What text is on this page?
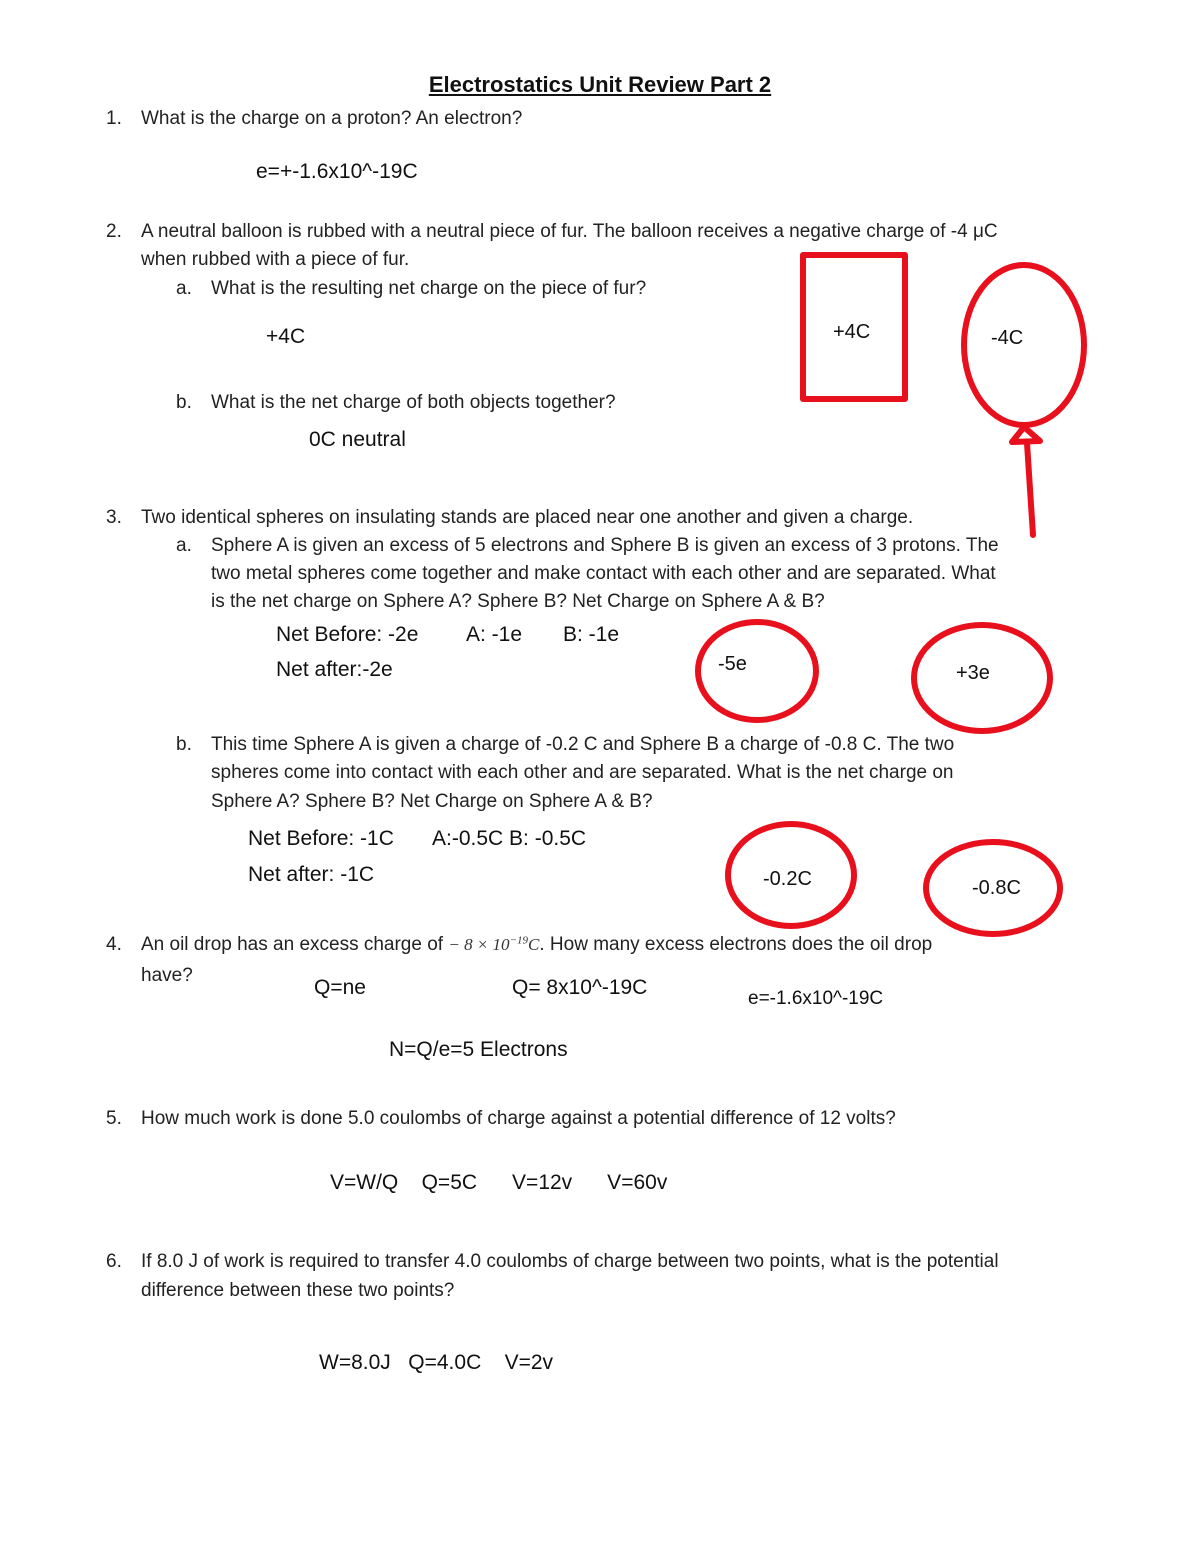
Electrostatics Unit Review Part 2
1. What is the charge on a proton? An electron?
e=+-1.6x10^-19C
2. A neutral balloon is rubbed with a neutral piece of fur. The balloon receives a negative charge of -4 μC
when rubbed with a piece of fur.
a. What is the resulting net charge on the piece of fur?
+4C
b. What is the net charge of both objects together?
0C neutral
+4C	-4C
3. Two identical spheres on insulating stands are placed near one another and given a charge.
a. Sphere A is given an excess of 5 electrons and Sphere B is given an excess of 3 protons. The
two metal spheres come together and make contact with each other and are separated. What
is the net charge on Sphere A? Sphere B? Net Charge on Sphere A & B?
Net Before: -2e A: -1e B: -1e
Net after:-2e	-5e	+3e
b. This time Sphere A is given a charge of -0.2 C and Sphere B a charge of -0.8 C. The two
spheres come into contact with each other and are separated. What is the net charge on
Sphere A? Sphere B? Net Charge on Sphere A & B?
Net Before: -1C A:-0.5C B: -0.5C
Net after: -1C	-0.2C	-0.8C
4. An oil drop has an excess charge of − $8 \times 10^{-19}C$. How many excess electrons does the oil drop
have?
Q=ne	Q= 8x10^-19C	e=-1.6x10^-19C
N=Q/e=5 Electrons
5. How much work is done 5.0 coulombs of charge against a potential difference of 12 volts?
V=W/Q    Q=5C      V=12v      V=60v
6. If 8.0 J of work is required to transfer 4.0 coulombs of charge between two points, what is the potential
difference between these two points?
W=8.0J   Q=4.0C    V=2v
